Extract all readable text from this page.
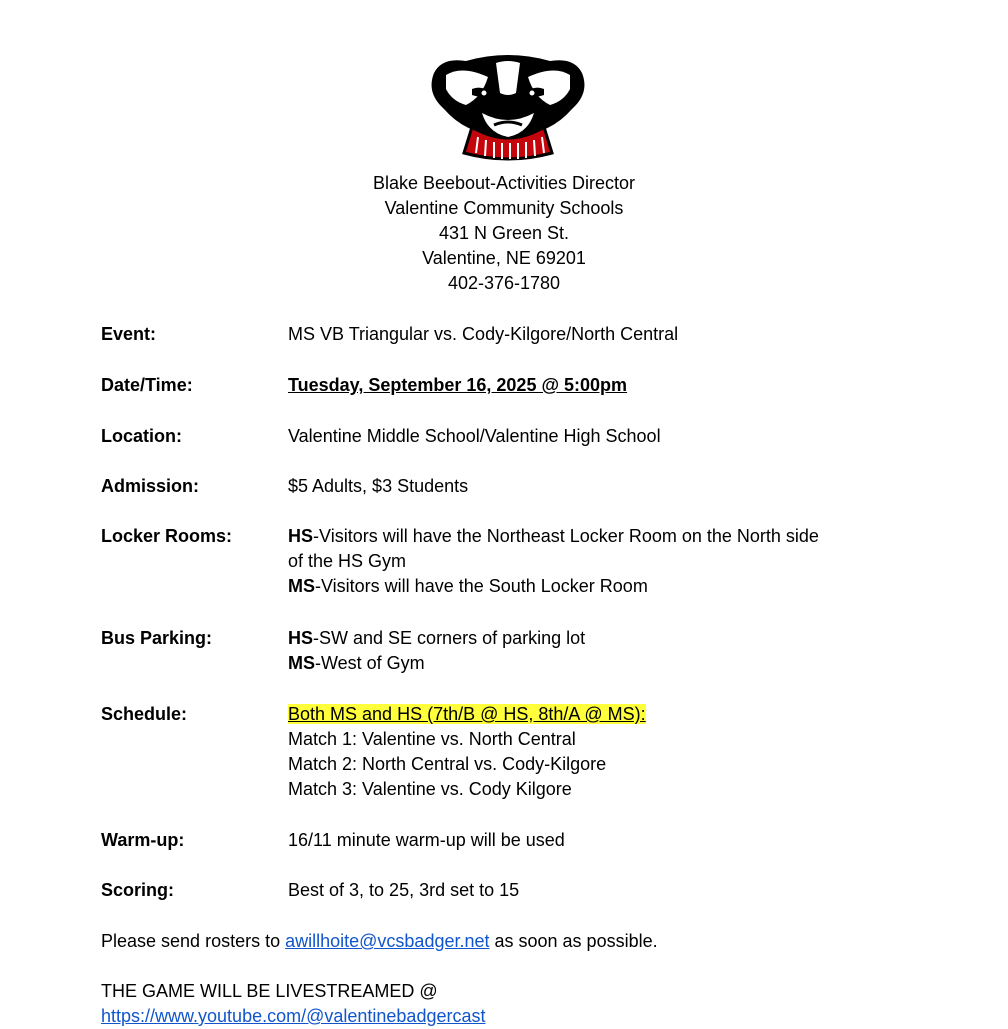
Blake Beebout-Activities Director
Valentine Community Schools
431 N Green St.
Valentine, NE 69201
402-376-1780
Event:	MS VB Triangular vs. Cody-Kilgore/North Central
Date/Time:	Tuesday, September 16, 2025 @ 5:00pm
Location:	Valentine Middle School/Valentine High School
Admission:	$5 Adults, $3 Students
Locker Rooms:	HS-Visitors will have the Northeast Locker Room on the North side of the HS Gym
MS-Visitors will have the South Locker Room
Bus Parking:	HS-SW and SE corners of parking lot
MS-West of Gym
Schedule:	Both MS and HS (7th/B @ HS, 8th/A @ MS):
Match 1: Valentine vs. North Central
Match 2: North Central vs. Cody-Kilgore
Match 3: Valentine vs. Cody Kilgore
Warm-up:	16/11 minute warm-up will be used
Scoring:	Best of 3, to 25, 3rd set to 15
Please send rosters to awillhoite@vcsbadger.net as soon as possible.
THE GAME WILL BE LIVESTREAMED @
https://www.youtube.com/@valentinebadgercast
